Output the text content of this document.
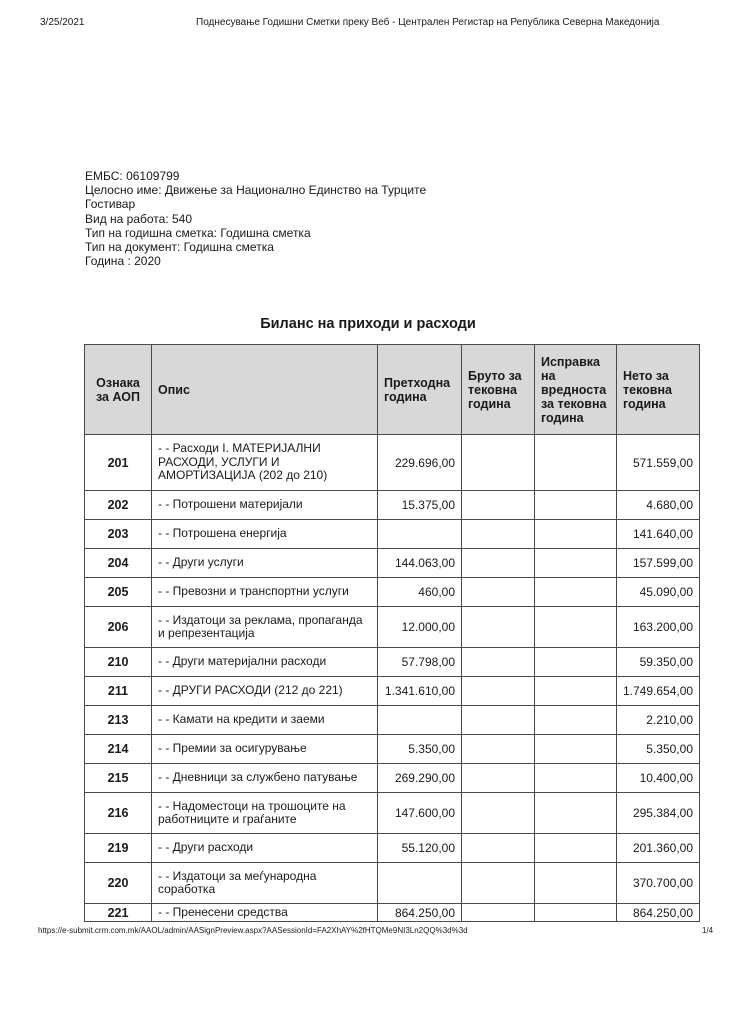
3/25/2021	Поднесување Годишни Сметки преку Веб - Централен Регистар на Република Северна Македонија
ЕМБС: 06109799
Целосно име: Движење за Национално Единство на Турците
Гостивар
Вид на работа: 540
Тип на годишна сметка: Годишна сметка
Тип на документ: Годишна сметка
Година : 2020
Биланс на приходи и расходи
Ознака за АОП	Опис	Претходна година	Бруто за тековна година	Исправка на вредноста за тековна година	Нето за тековна година
201	- - Расходи I. МАТЕРИЈАЛНИ РАСХОДИ, УСЛУГИ И АМОРТИЗАЦИЈА (202 до 210)	229.696,00			571.559,00
202	- - Потрошени материјали	15.375,00			4.680,00
203	- - Потрошена енергија				141.640,00
204	- - Други услуги	144.063,00			157.599,00
205	- - Превозни и транспортни услуги	460,00			45.090,00
206	- - Издатоци за реклама, пропаганда и репрезентација	12.000,00			163.200,00
210	- - Други материјални расходи	57.798,00			59.350,00
211	- - ДРУГИ РАСХОДИ (212 до 221)	1.341.610,00			1.749.654,00
213	- - Камати на кредити и заеми				2.210,00
214	- - Премии за осигурување	5.350,00			5.350,00
215	- - Дневници за службено патување	269.290,00			10.400,00
216	- - Надоместоци на трошоците на работниците и граѓаните	147.600,00			295.384,00
219	- - Други расходи	55.120,00			201.360,00
220	- - Издатоци за меѓународна соработка				370.700,00
221	- - Пренесени средства	864.250,00			864.250,00
https://e-submit.crm.com.mk/AAOL/admin/AASignPreview.aspx?AASessionId=FA2XhAY%2fHTQMe9NI3Ln2QQ%3d%3d	1/4
